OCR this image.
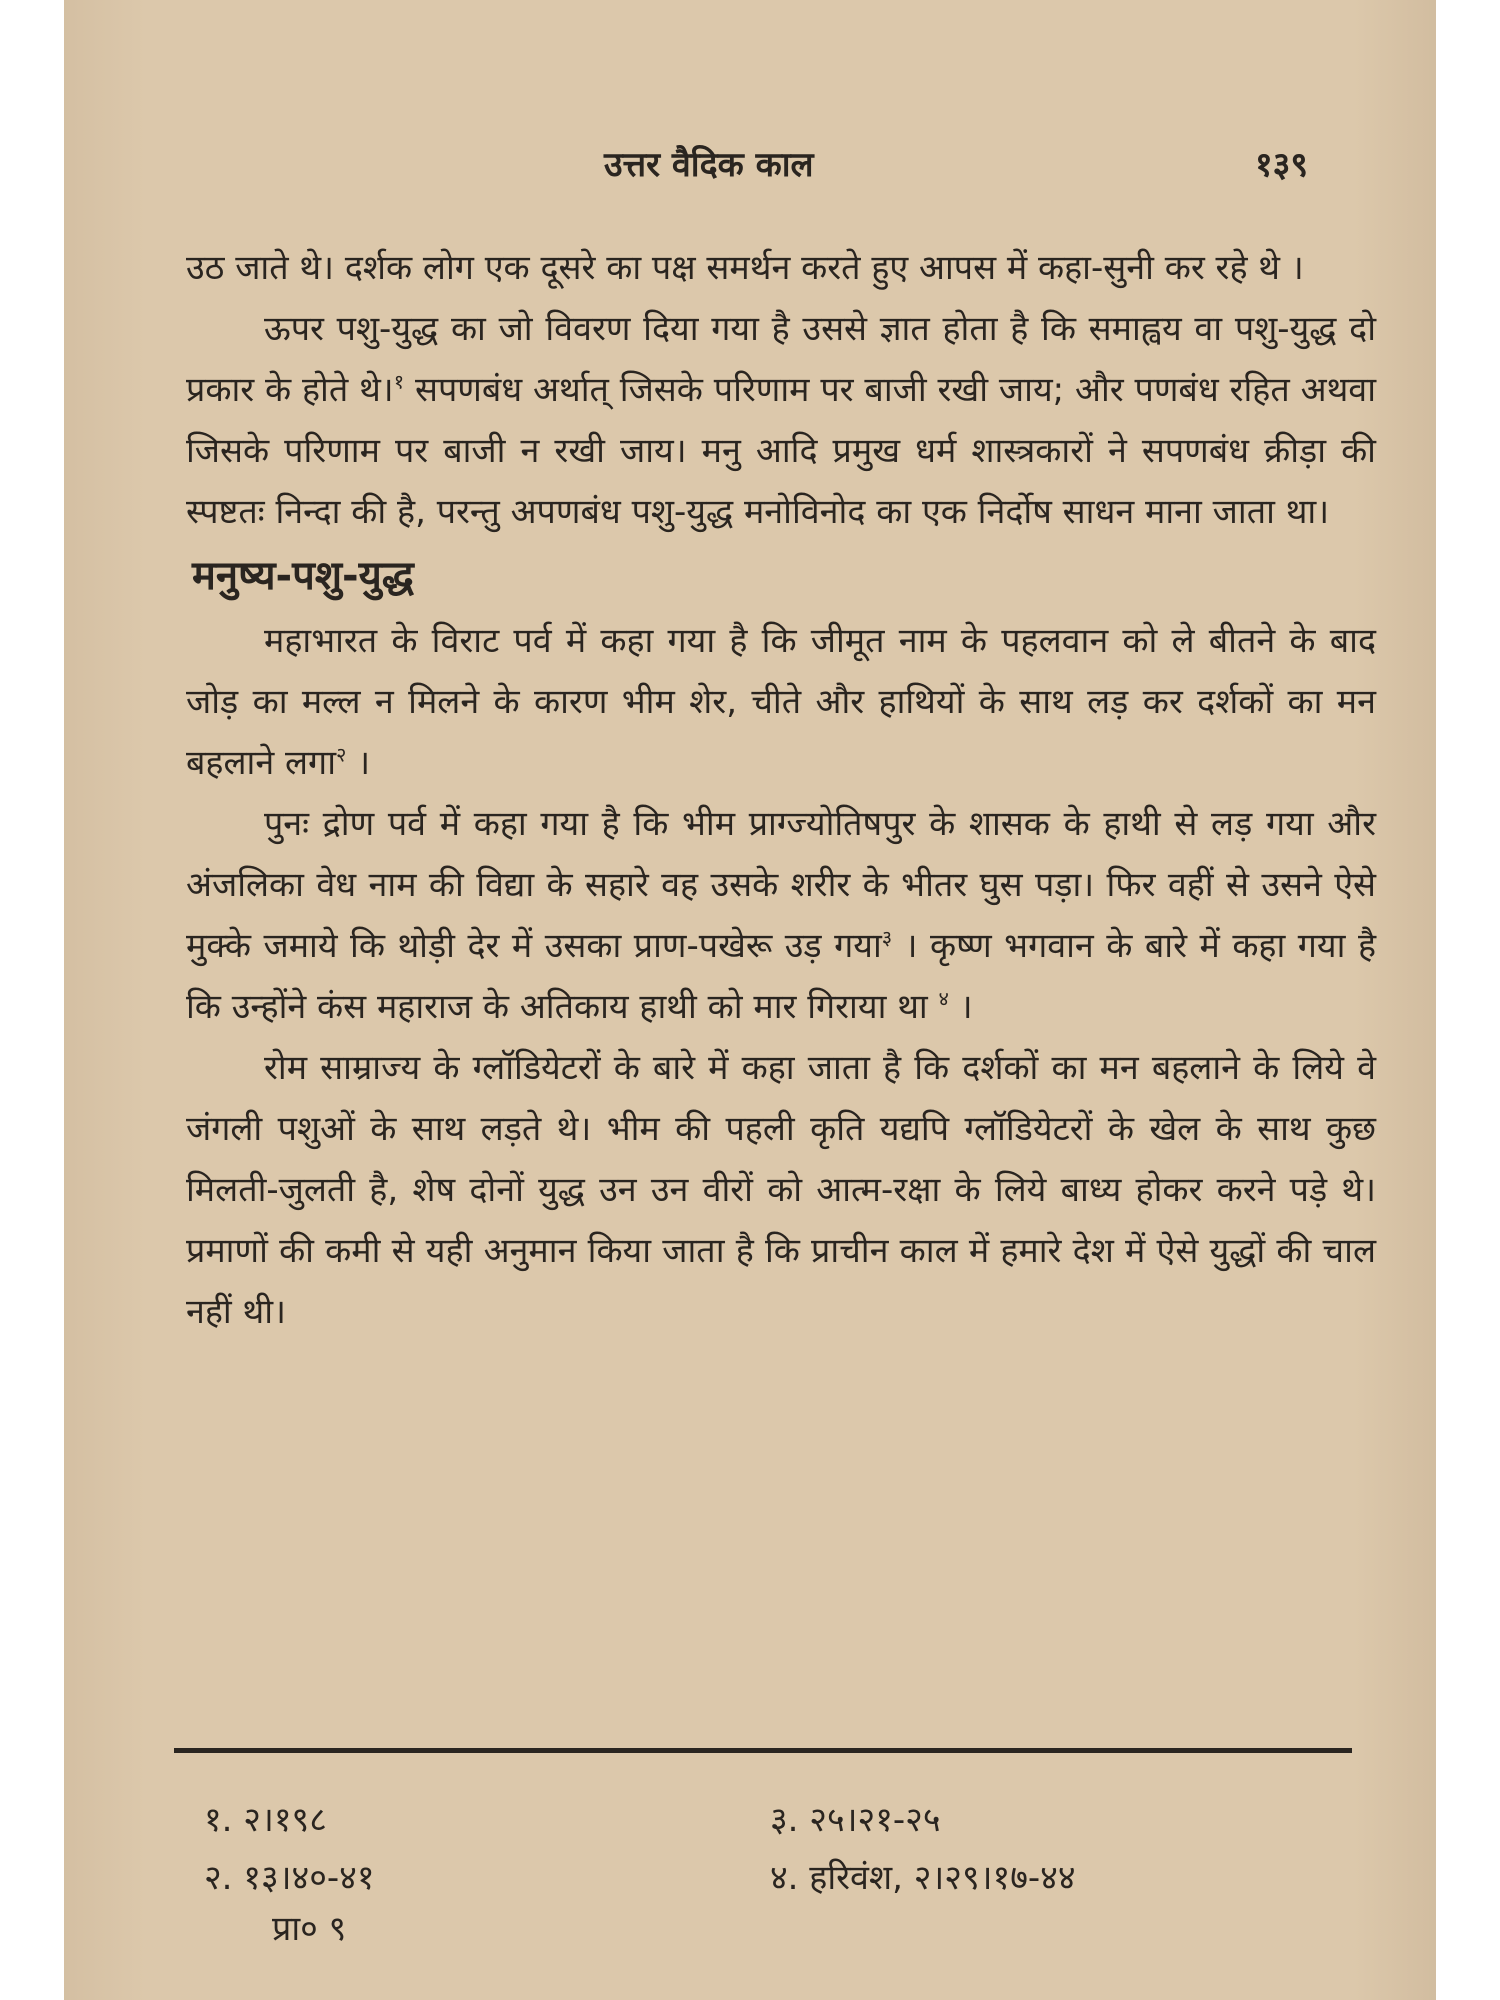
उत्तर वैदिक काल	१३९

उठ जाते थे। दर्शक लोग एक दूसरे का पक्ष समर्थन करते हुए आपस में कहा-सुनी कर रहे थे ।

ऊपर पशु-युद्ध का जो विवरण दिया गया है उससे ज्ञात होता है कि समाह्वय वा पशु-युद्ध दो प्रकार के होते थे।$^१$ सपणबंध अर्थात् जिसके परिणाम पर बाजी रखी जाय; और पणबंध रहित अथवा जिसके परिणाम पर बाजी न रखी जाय। मनु आदि प्रमुख धर्म शास्त्रकारों ने सपणबंध क्रीड़ा की स्पष्टतः निन्दा की है, परन्तु अपणबंध पशु-युद्ध मनोविनोद का एक निर्दोष साधन माना जाता था।

मनुष्य-पशु-युद्ध

महाभारत के विराट पर्व में कहा गया है कि जीमूत नाम के पहलवान को ले बीतने के बाद जोड़ का मल्ल न मिलने के कारण भीम शेर, चीते और हाथियों के साथ लड़ कर दर्शकों का मन बहलाने लगा$^२$ ।

पुनः द्रोण पर्व में कहा गया है कि भीम प्राग्ज्योतिषपुर के शासक के हाथी से लड़ गया और अंजलिका वेध नाम की विद्या के सहारे वह उसके शरीर के भीतर घुस पड़ा। फिर वहीं से उसने ऐसे मुक्के जमाये कि थोड़ी देर में उसका प्राण-पखेरू उड़ गया$^३$ । कृष्ण भगवान के बारे में कहा गया है कि उन्होंने कंस महाराज के अतिकाय हाथी को मार गिराया था $^४$ ।

रोम साम्राज्य के ग्लॉडियेटरों के बारे में कहा जाता है कि दर्शकों का मन बहलाने के लिये वे जंगली पशुओं के साथ लड़ते थे। भीम की पहली कृति यद्यपि ग्लॉडियेटरों के खेल के साथ कुछ मिलती-जुलती है, शेष दोनों युद्ध उन उन वीरों को आत्म-रक्षा के लिये बाध्य होकर करने पड़े थे। प्रमाणों की कमी से यही अनुमान किया जाता है कि प्राचीन काल में हमारे देश में ऐसे युद्धों की चाल नहीं थी।

१. २।१९८
२. १३।४०-४१
३. २५।२१-२५
४. हरिवंश, २।२९।१७-४४
प्रा० ९
